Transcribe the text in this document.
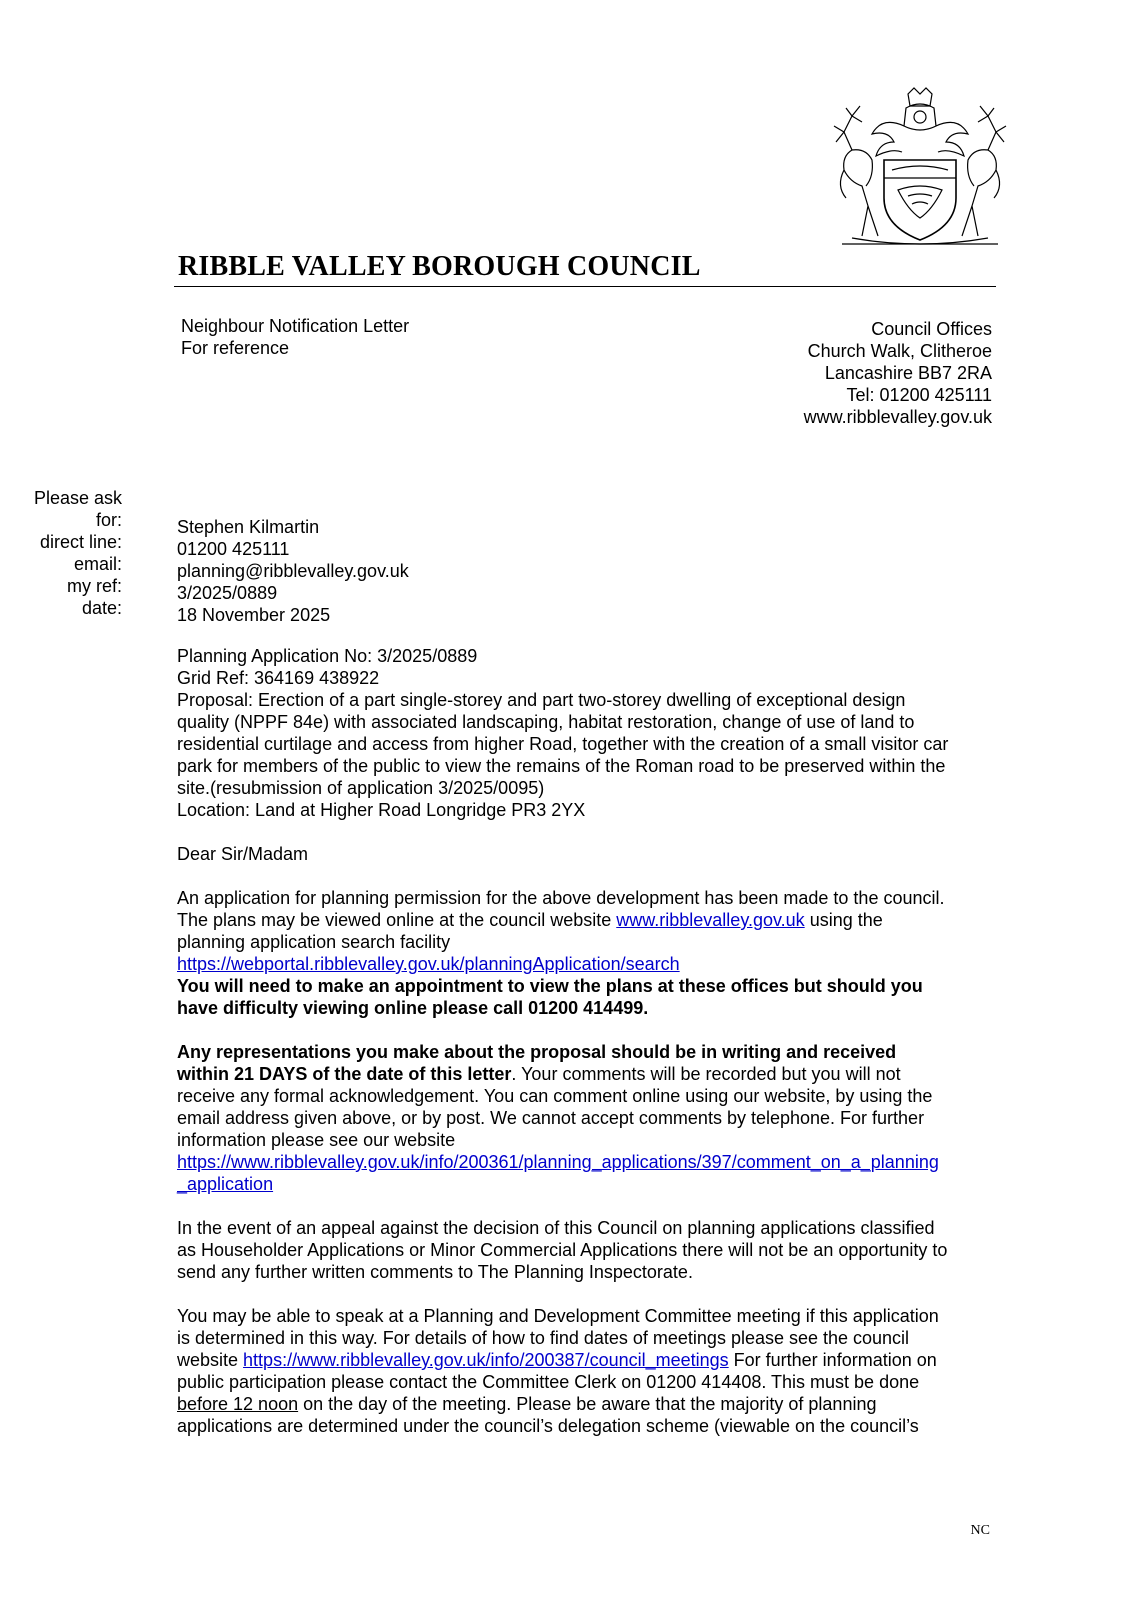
RIBBLE VALLEY BOROUGH COUNCIL
Neighbour Notification Letter
For reference
Council Offices
Church Walk, Clitheroe
Lancashire BB7 2RA
Tel: 01200 425111
www.ribblevalley.gov.uk
Please ask
for:
direct line:
email:
my ref:
date:
Stephen Kilmartin
01200 425111
planning@ribblevalley.gov.uk
3/2025/0889
18 November 2025

Planning Application No: 3/2025/0889
Grid Ref: 364169 438922
Proposal: Erection of a part single-storey and part two-storey dwelling of exceptional design
quality (NPPF 84e) with associated landscaping, habitat restoration, change of use of land to
residential curtilage and access from higher Road, together with the creation of a small visitor car
park for members of the public to view the remains of the Roman road to be preserved within the
site.(resubmission of application 3/2025/0095)
Location: Land at Higher Road Longridge PR3 2YX

Dear Sir/Madam

An application for planning permission for the above development has been made to the council.
The plans may be viewed online at the council website www.ribblevalley.gov.uk using the
planning application search facility
https://webportal.ribblevalley.gov.uk/planningApplication/search
You will need to make an appointment to view the plans at these offices but should you
have difficulty viewing online please call 01200 414499.

Any representations you make about the proposal should be in writing and received
within 21 DAYS of the date of this letter. Your comments will be recorded but you will not
receive any formal acknowledgement. You can comment online using our website, by using the
email address given above, or by post. We cannot accept comments by telephone. For further
information please see our website
https://www.ribblevalley.gov.uk/info/200361/planning_applications/397/comment_on_a_planning
_application

In the event of an appeal against the decision of this Council on planning applications classified
as Householder Applications or Minor Commercial Applications there will not be an opportunity to
send any further written comments to The Planning Inspectorate.

You may be able to speak at a Planning and Development Committee meeting if this application
is determined in this way. For details of how to find dates of meetings please see the council
website https://www.ribblevalley.gov.uk/info/200387/council_meetings For further information on
public participation please contact the Committee Clerk on 01200 414408. This must be done
before 12 noon on the day of the meeting. Please be aware that the majority of planning
applications are determined under the council’s delegation scheme (viewable on the council’s

NC
